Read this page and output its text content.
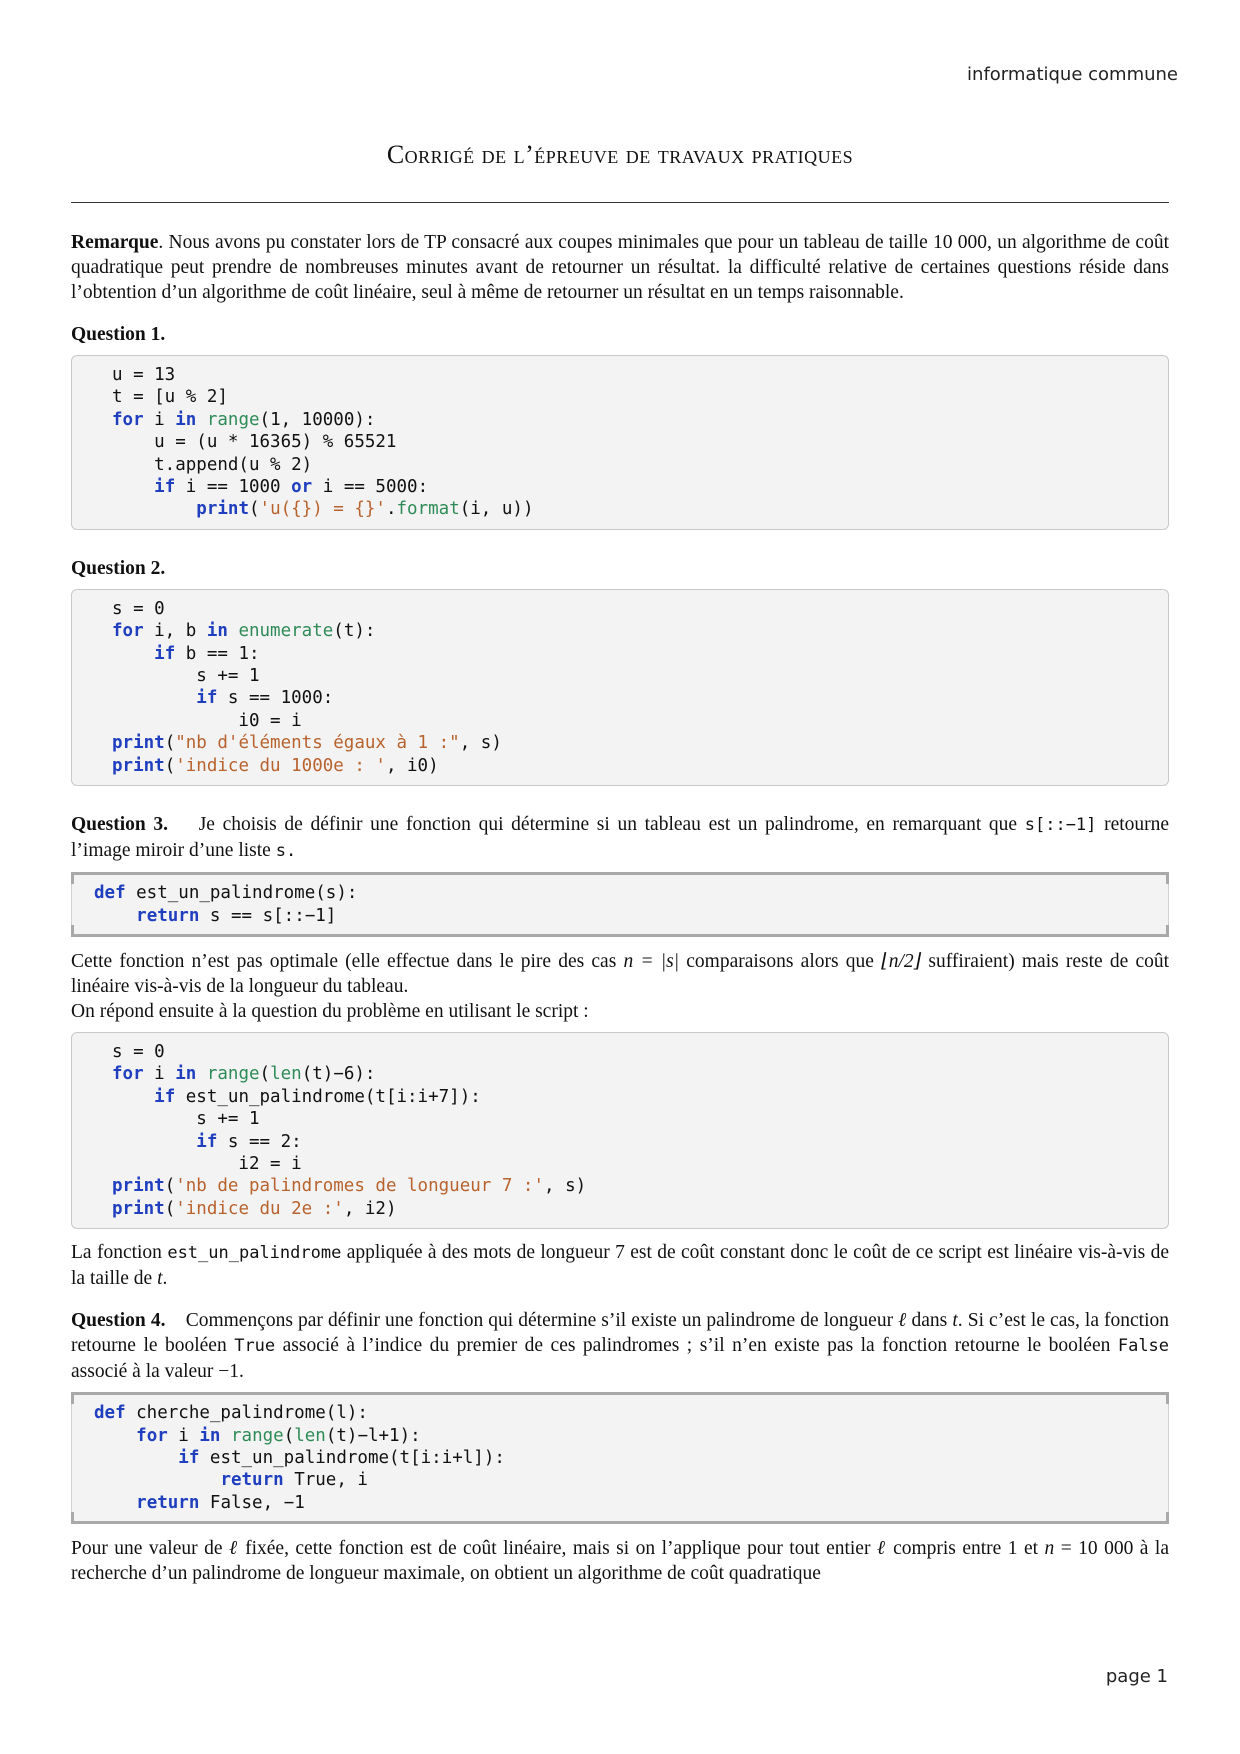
informatique commune
Corrigé de l’épreuve de travaux pratiques

Remarque. Nous avons pu constater lors de TP consacré aux coupes minimales que pour un tableau de taille 10 000, un algorithme de coût quadratique peut prendre de nombreuses minutes avant de retourner un résultat. la difficulté relative de certaines questions réside dans l’obtention d’un algorithme de coût linéaire, seul à même de retourner un résultat en un temps raisonnable.

Question 1.

u = 13
t = [u % 2]
for i in range(1, 10000):
u = (u * 16365) % 65521
t.append(u % 2)
if i == 1000 or i == 5000:
print('u({}) = {}'.format(i, u))

Question 2.

s = 0
for i, b in enumerate(t):
if b == 1:
s += 1
if s == 1000:
i0 = i
print("nb d'éléments égaux à 1 :", s)
print('indice du 1000e : ', i0)

Question 3. Je choisis de définir une fonction qui détermine si un tableau est un palindrome, en remarquant que s[::−1] retourne l’image miroir d’une liste s.

def est_un_palindrome(s):
return s == s[::−1]

Cette fonction n’est pas optimale (elle effectue dans le pire des cas n = |s| comparaisons alors que ⌊n/2⌋ suffiraient) mais reste de coût linéaire vis-à-vis de la longueur du tableau.

On répond ensuite à la question du problème en utilisant le script :

s = 0
for i in range(len(t)−6):
if est_un_palindrome(t[i:i+7]):
s += 1
if s == 2:
i2 = i
print('nb de palindromes de longueur 7 :', s)
print('indice du 2e :', i2)

La fonction est_un_palindrome appliquée à des mots de longueur 7 est de coût constant donc le coût de ce script est linéaire vis-à-vis de la taille de t.

Question 4. Commençons par définir une fonction qui détermine s’il existe un palindrome de longueur ℓ dans t. Si c’est le cas, la fonction retourne le booléen True associé à l’indice du premier de ces palindromes ; s’il n’en existe pas la fonction retourne le booléen False associé à la valeur −1.

def cherche_palindrome(l):
for i in range(len(t)−l+1):
if est_un_palindrome(t[i:i+l]):
return True, i
return False, −1

Pour une valeur de ℓ fixée, cette fonction est de coût linéaire, mais si on l’applique pour tout entier ℓ compris entre 1 et n = 10 000 à la recherche d’un palindrome de longueur maximale, on obtient un algorithme de coût quadratique

page 1
